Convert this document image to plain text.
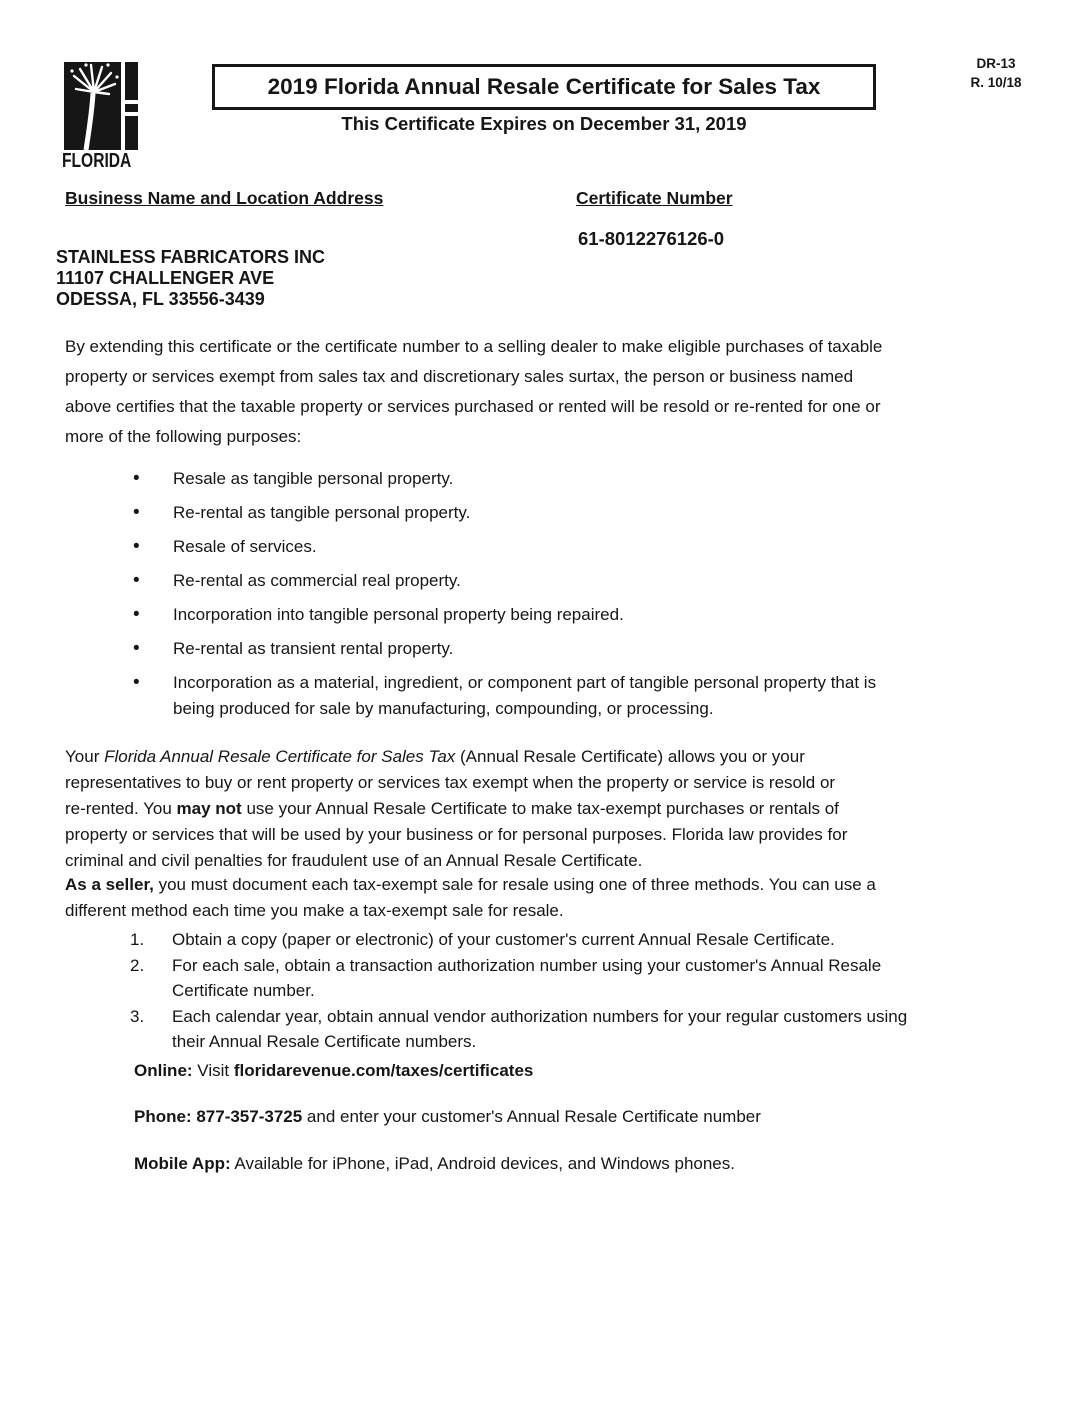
FLORIDA
2019 Florida Annual Resale Certificate for Sales Tax
This Certificate Expires on December 31, 2019
DR-13
R. 10/18
Business Name and Location Address	Certificate Number
61-8012276126-0
STAINLESS FABRICATORS INC
11107 CHALLENGER AVE
ODESSA, FL 33556-3439
By extending this certificate or the certificate number to a selling dealer to make eligible purchases of taxable
property or services exempt from sales tax and discretionary sales surtax, the person or business named
above certifies that the taxable property or services purchased or rented will be resold or re-rented for one or
more of the following purposes:
• Resale as tangible personal property.
• Re-rental as tangible personal property.
• Resale of services.
• Re-rental as commercial real property.
• Incorporation into tangible personal property being repaired.
• Re-rental as transient rental property.
• Incorporation as a material, ingredient, or component part of tangible personal property that is
being produced for sale by manufacturing, compounding, or processing.
Your Florida Annual Resale Certificate for Sales Tax (Annual Resale Certificate) allows you or your
representatives to buy or rent property or services tax exempt when the property or service is resold or
re-rented. You may not use your Annual Resale Certificate to make tax-exempt purchases or rentals of
property or services that will be used by your business or for personal purposes. Florida law provides for
criminal and civil penalties for fraudulent use of an Annual Resale Certificate.
As a seller, you must document each tax-exempt sale for resale using one of three methods. You can use a
different method each time you make a tax-exempt sale for resale.
1.	Obtain a copy (paper or electronic) of your customer's current Annual Resale Certificate.
2.	For each sale, obtain a transaction authorization number using your customer's Annual Resale
Certificate number.
3.	Each calendar year, obtain annual vendor authorization numbers for your regular customers using
their Annual Resale Certificate numbers.
Online: Visit floridarevenue.com/taxes/certificates
Phone: 877-357-3725 and enter your customer's Annual Resale Certificate number
Mobile App: Available for iPhone, iPad, Android devices, and Windows phones.
